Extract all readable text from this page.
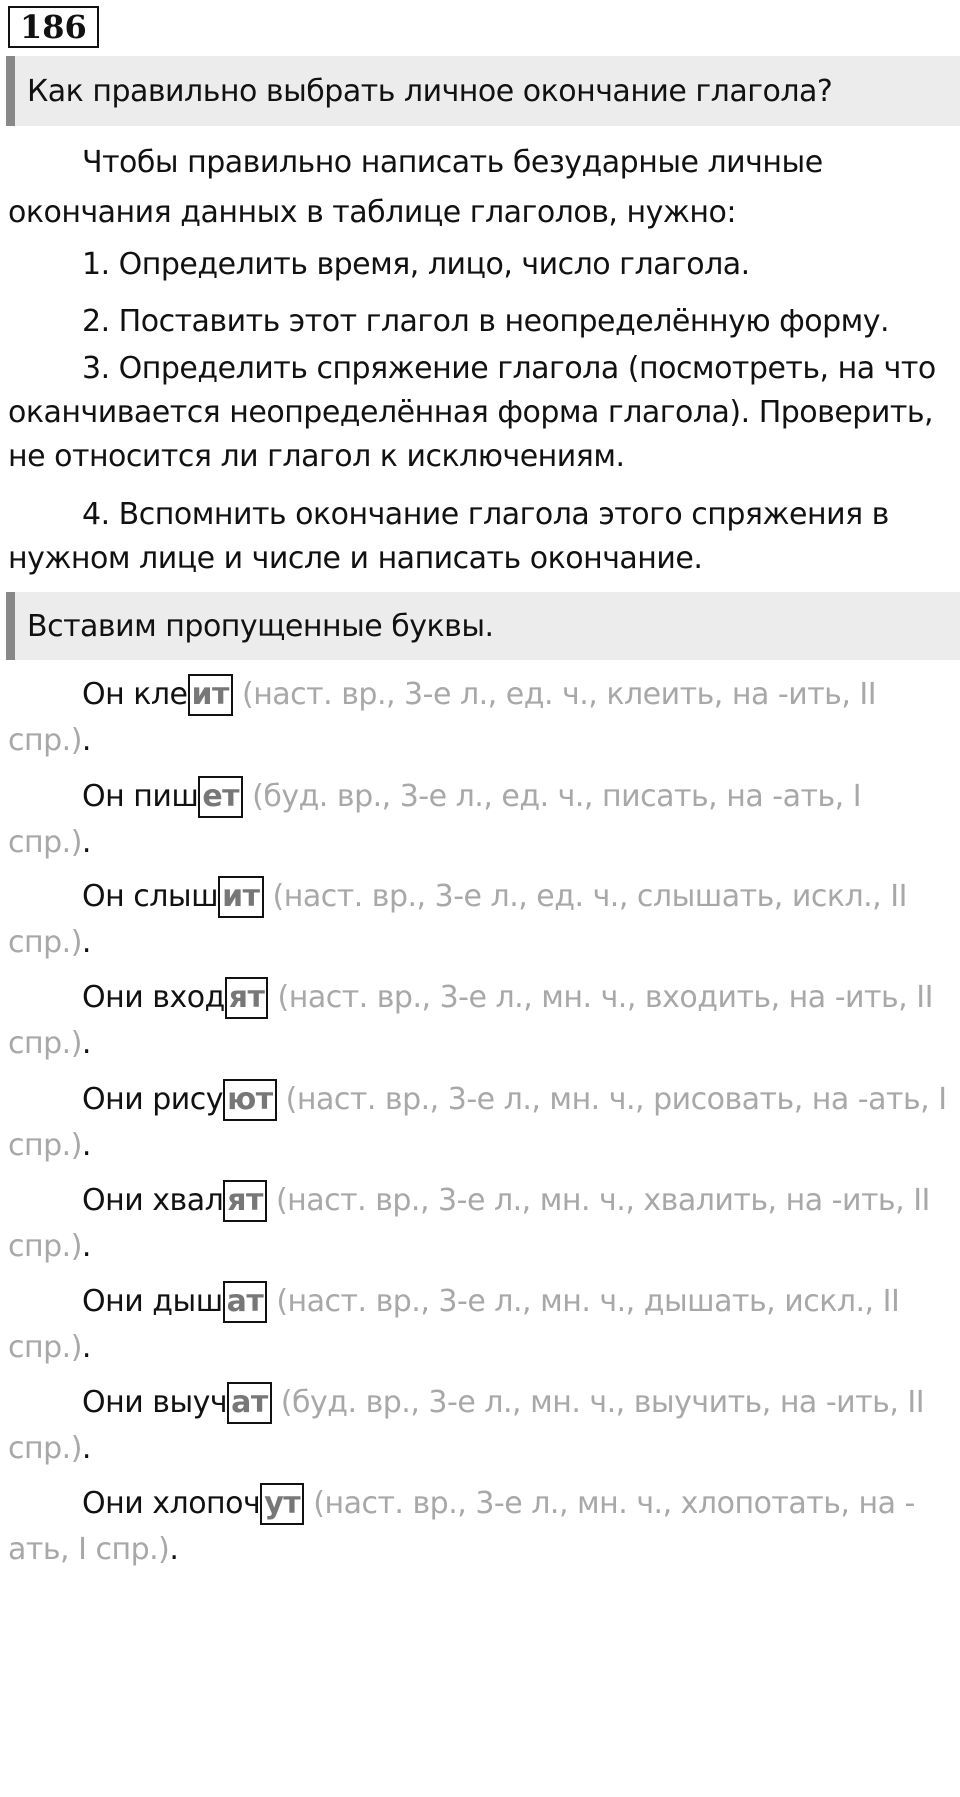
186
Как правильно выбрать личное окончание глагола?

Чтобы правильно написать безударные личные окончания данных в таблице глаголов, нужно:

1. Определить время, лицо, число глагола.

2. Поставить этот глагол в неопределённую форму.

3. Определить спряжение глагола (посмотреть, на что оканчивается неопределённая форма глагола). Проверить, не относится ли глагол к исключениям.

4. Вспомнить окончание глагола этого спряжения в нужном лице и числе и написать окончание.

Вставим пропущенные буквы.

Он кле ит (наст. вр., 3-е л., ед. ч., клеить, на -ить, II спр.).

Он пиш ет (буд. вр., 3-е л., ед. ч., писать, на -ать, I спр.).

Он слыш ит (наст. вр., 3-е л., ед. ч., слышать, искл., II спр.).

Они вход ят (наст. вр., 3-е л., мн. ч., входить, на -ить, II спр.).

Они рису ют (наст. вр., 3-е л., мн. ч., рисовать, на -ать, I спр.).

Они хвал ят (наст. вр., 3-е л., мн. ч., хвалить, на -ить, II спр.).

Они дыш ат (наст. вр., 3-е л., мн. ч., дышать, искл., II спр.).

Они выуч ат (буд. вр., 3-е л., мн. ч., выучить, на -ить, II спр.).

Они хлопоч ут (наст. вр., 3-е л., мн. ч., хлопотать, на - ать, I спр.).
